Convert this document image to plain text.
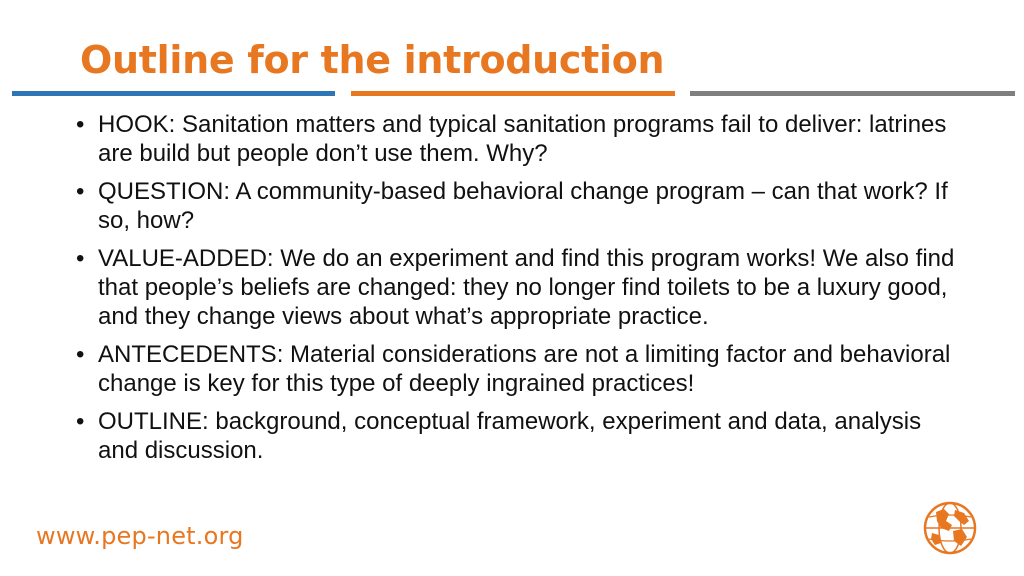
Outline for the introduction
• HOOK: Sanitation matters and typical sanitation programs fail to deliver: latrines are build but people don’t use them. Why?
• QUESTION: A community-based behavioral change program – can that work? If so, how?
• VALUE-ADDED: We do an experiment and find this program works! We also find that people’s beliefs are changed: they no longer find toilets to be a luxury good, and they change views about what’s appropriate practice.
• ANTECEDENTS: Material considerations are not a limiting factor and behavioral change is key for this type of deeply ingrained practices!
• OUTLINE: background, conceptual framework, experiment and data, analysis and discussion.
www.pep-net.org
